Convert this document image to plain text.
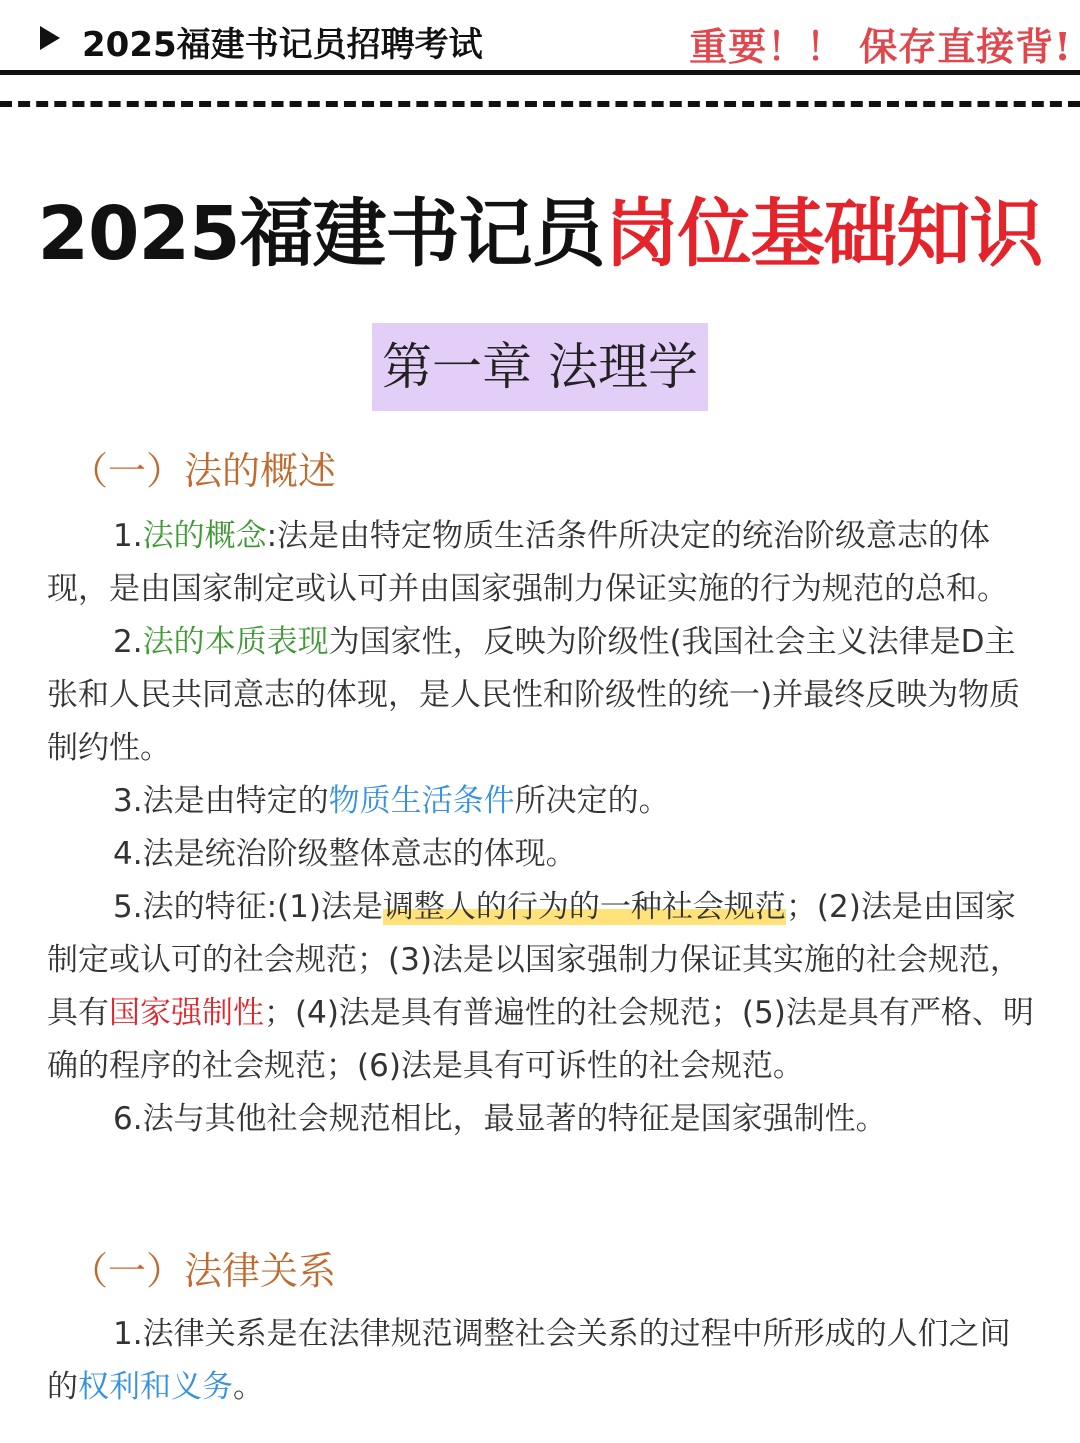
2025福建书记员招聘考试	重要！！ 保存直接背!
2025福建书记员岗位基础知识
第一章 法理学
（一）法的概述

1.法的概念:法是由特定物质生活条件所决定的统治阶级意志的体现，是由国家制定或认可并由国家强制力保证实施的行为规范的总和。

2.法的本质表现为国家性，反映为阶级性(我国社会主义法律是D主张和人民共同意志的体现，是人民性和阶级性的统一)并最终反映为物质制约性。

3.法是由特定的物质生活条件所决定的。

4.法是统治阶级整体意志的体现。

5.法的特征:(1)法是调整人的行为的一种社会规范；(2)法是由国家制定或认可的社会规范；(3)法是以国家强制力保证其实施的社会规范，具有国家强制性；(4)法是具有普遍性的社会规范；(5)法是具有严格、明确的程序的社会规范；(6)法是具有可诉性的社会规范。

6.法与其他社会规范相比，最显著的特征是国家强制性。

（一）法律关系

1.法律关系是在法律规范调整社会关系的过程中所形成的人们之间的权利和义务。
